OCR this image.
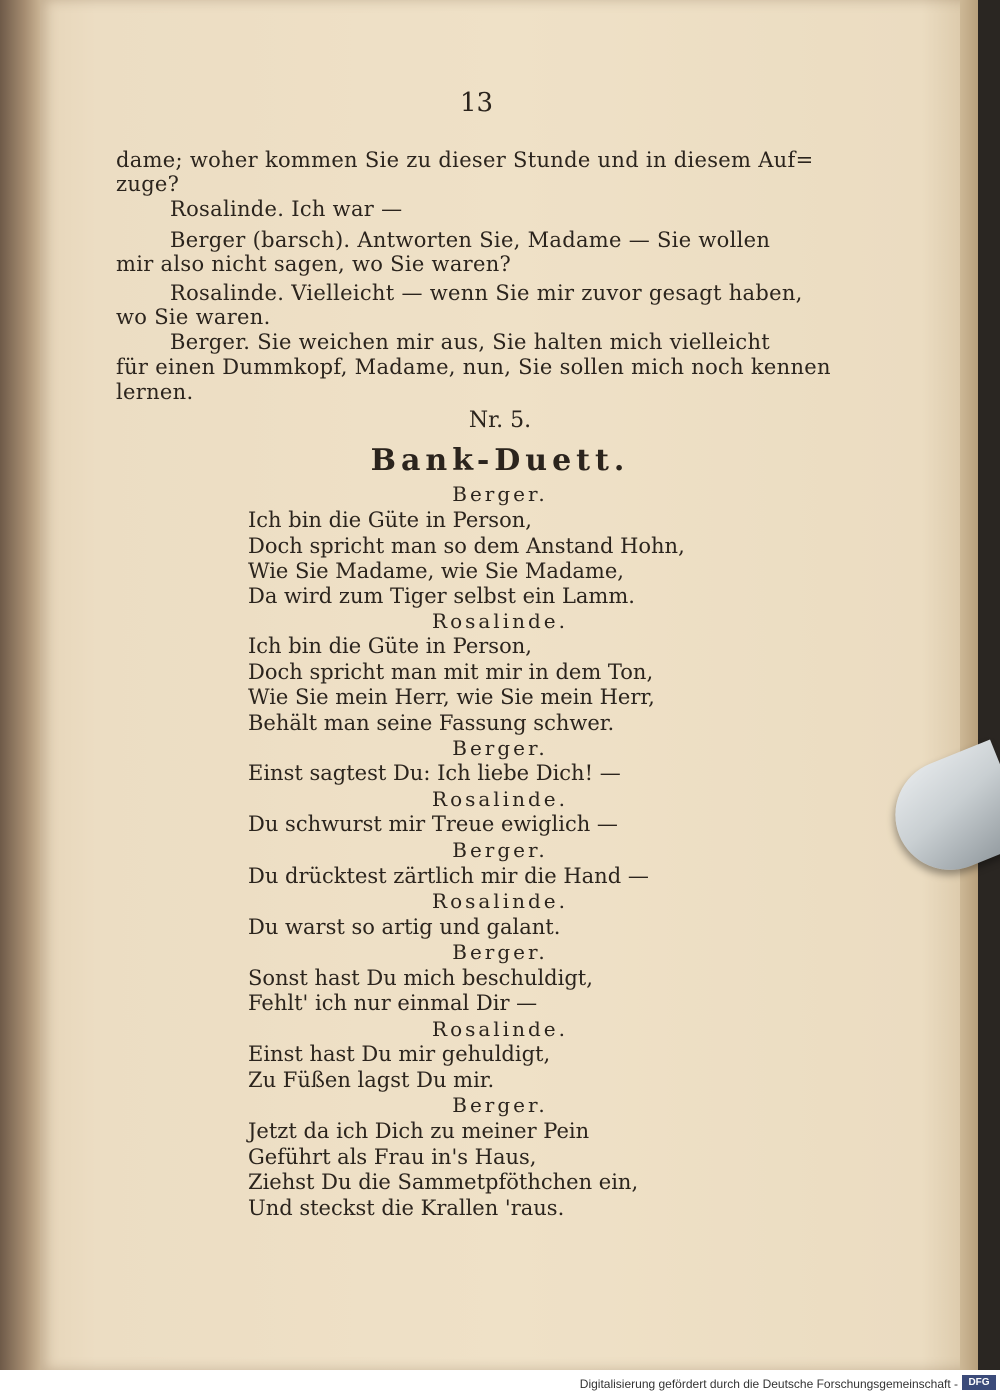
13
dame; woher kommen Sie zu dieser Stunde und in diesem Auf=
zuge?
Rosalinde. Ich war —
Berger (barsch). Antworten Sie, Madame — Sie wollen
mir also nicht sagen, wo Sie waren?
Rosalinde. Vielleicht — wenn Sie mir zuvor gesagt haben,
wo Sie waren.
Berger. Sie weichen mir aus, Sie halten mich vielleicht
für einen Dummkopf, Madame, nun, Sie sollen mich noch kennen
lernen.
Nr. 5.
Bank-Duett.
Berger.
Ich bin die Güte in Person,
Doch spricht man so dem Anstand Hohn,
Wie Sie Madame, wie Sie Madame,
Da wird zum Tiger selbst ein Lamm.
Rosalinde.
Ich bin die Güte in Person,
Doch spricht man mit mir in dem Ton,
Wie Sie mein Herr, wie Sie mein Herr,
Behält man seine Fassung schwer.
Berger.
Einst sagtest Du: Ich liebe Dich! —
Rosalinde.
Du schwurst mir Treue ewiglich —
Berger.
Du drücktest zärtlich mir die Hand —
Rosalinde.
Du warst so artig und galant.
Berger.
Sonst hast Du mich beschuldigt,
Fehlt' ich nur einmal Dir —
Rosalinde.
Einst hast Du mir gehuldigt,
Zu Füßen lagst Du mir.
Berger.
Jetzt da ich Dich zu meiner Pein
Geführt als Frau in's Haus,
Ziehst Du die Sammetpföthchen ein,
Und steckst die Krallen 'raus.
Digitalisierung gefördert durch die Deutsche Forschungsgemeinschaft -	DFG
